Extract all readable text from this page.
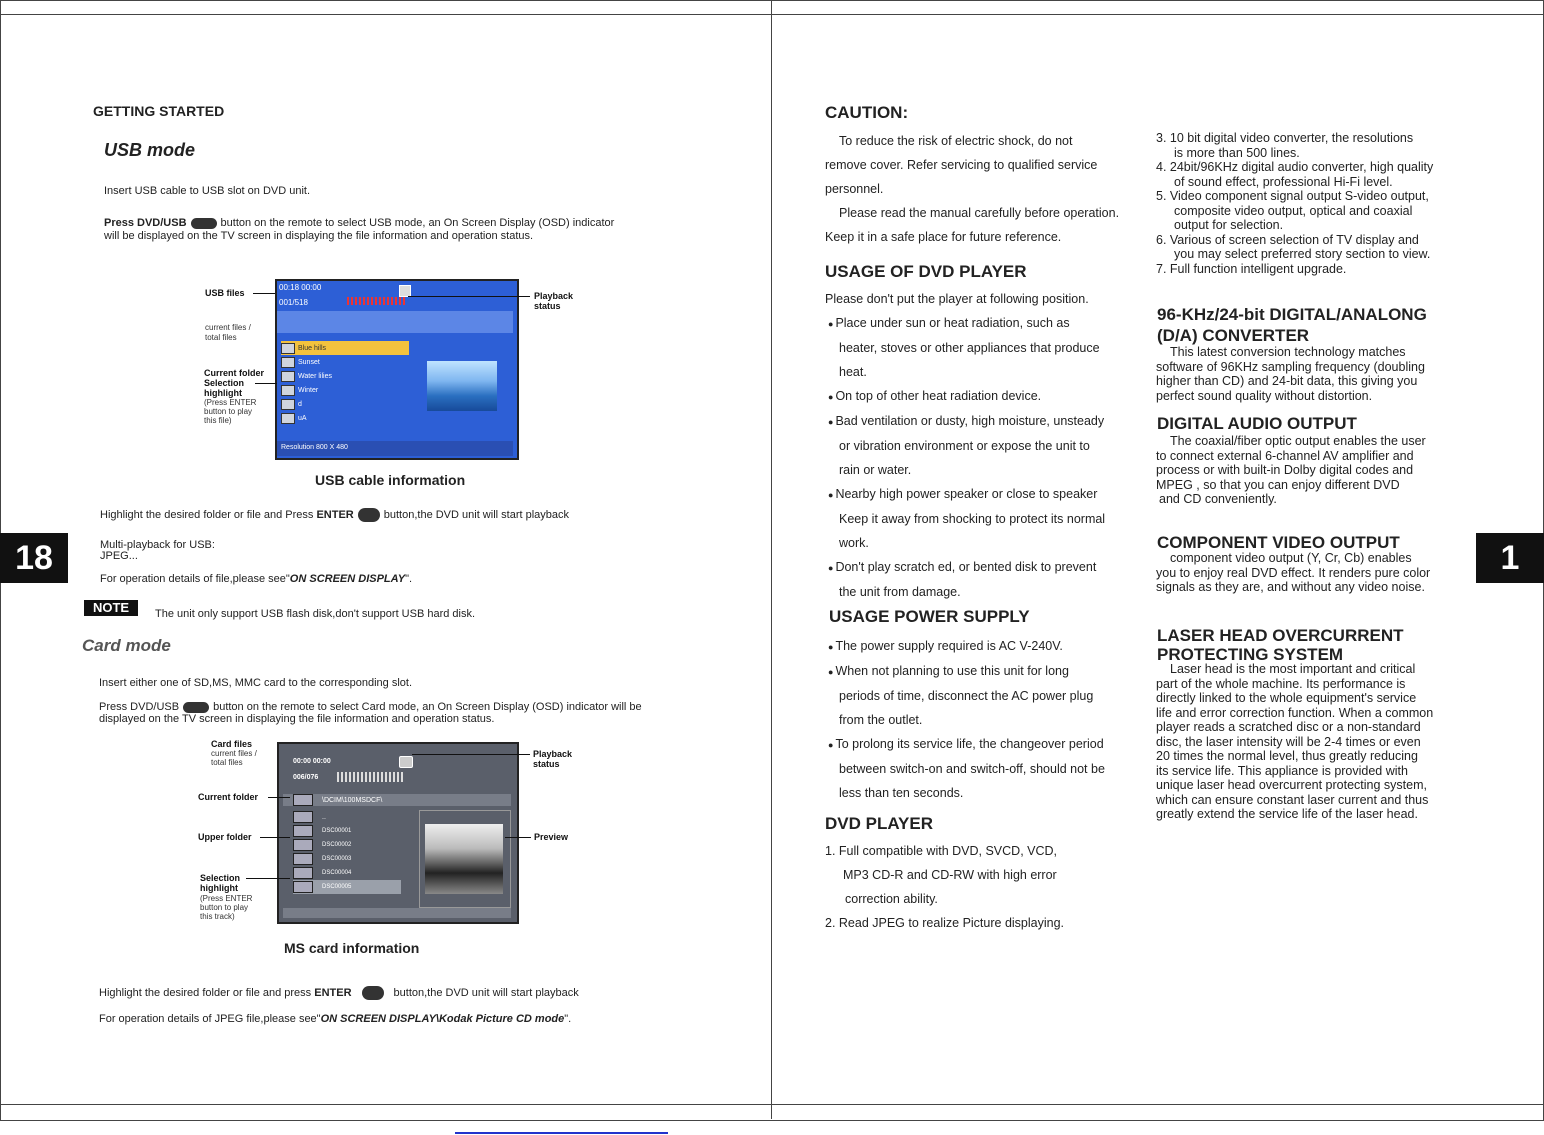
18	1
GETTING STARTED
USB mode
Insert USB cable to USB slot on DVD unit.
Press DVD/USB	button on the remote to select USB mode, an On Screen Display (OSD) indicator
will be displayed on the TV screen in displaying the file information and operation status.
00:18 00:00
001/518
Blue hills
Sunset
Water lilies
Winter
d
uA
Resolution 800 X 480
USB files
current files /
total files
Current folder
Selection
highlight
(Press ENTER
button to play
this file)
Playback
status
USB cable information
Highlight the desired folder or file and Press ENTER	button,the DVD unit will start playback
Multi-playback for USB:
JPEG...
For operation details of file,please see"ON SCREEN DISPLAY".
NOTE	The unit only support USB flash disk,don't support USB hard disk.
Card mode
Insert either one of SD,MS, MMC card to the corresponding slot.
Press DVD/USB	button on the remote to select Card mode, an On Screen Display (OSD) indicator will be
displayed on the TV screen in displaying the file information and operation status.
00:00 00:00
006/076
\DCIM\100MSDCF\
..
DSC00001
DSC00002
DSC00003
DSC00004
DSC00005
Card files
current files /
total files
Current folder
Upper folder
Selection
highlight
(Press ENTER
button to play
this track)
Playback
status
Preview
MS card information
Highlight the desired folder or file and press ENTER	button,the DVD unit will start playback
For operation details of JPEG file,please see"ON SCREEN DISPLAY\Kodak Picture CD mode".
CAUTION:
To reduce the risk of electric shock, do not
remove cover. Refer servicing to qualified service
personnel.
Please read the manual carefully before operation.
Keep it in a safe place for future reference.
USAGE OF DVD PLAYER
Please don't put the player at following position.
● Place under sun or heat radiation, such as
heater, stoves or other appliances that produce
heat.
● On top of other heat radiation device.
● Bad ventilation or dusty, high moisture, unsteady
or vibration environment or expose the unit to
rain or water.
● Nearby high power speaker or close to speaker
Keep it away from shocking to protect its normal
work.
● Don't play scratch ed, or bented disk to prevent
the unit from damage.
USAGE POWER SUPPLY
● The power supply required is AC V-240V.
● When not planning to use this unit for long
periods of time, disconnect the AC power plug
from the outlet.
● To prolong its service life, the changeover period
between switch-on and switch-off, should not be
less than ten seconds.
DVD PLAYER
1. Full compatible with DVD, SVCD, VCD,
MP3 CD-R and CD-RW with high error
correction ability.
2. Read JPEG to realize Picture displaying.
3. 10 bit digital video converter, the resolutions
is more than 500 lines.
4. 24bit/96KHz digital audio converter, high quality
of sound effect, professional Hi-Fi level.
5. Video component signal output S-video output,
composite video output, optical and coaxial
output for selection.
6. Various of screen selection of TV display and
you may select preferred story section to view.
7. Full function intelligent upgrade.
96-KHz/24-bit DIGITAL/ANALONG
(D/A) CONVERTER
This latest conversion technology matches
software of 96KHz sampling frequency (doubling
higher than CD) and 24-bit data, this giving you
perfect sound quality without distortion.
DIGITAL AUDIO OUTPUT
The coaxial/fiber optic output enables the user
to connect external 6-channel AV amplifier and
process or with built-in Dolby digital codes and
MPEG , so that you can enjoy different DVD
and CD conveniently.
COMPONENT VIDEO OUTPUT
component video output (Y, Cr, Cb) enables
you to enjoy real DVD effect. It renders pure color
signals as they are, and without any video noise.
LASER HEAD OVERCURRENT
PROTECTING SYSTEM
Laser head is the most important and critical
part of the whole machine. Its performance is
directly linked to the whole equipment's service
life and error correction function. When a common
player reads a scratched disc or a non-standard
disc, the laser intensity will be 2-4 times or even
20 times the normal level, thus greatly reducing
its service life. This appliance is provided with
unique laser head overcurrent protecting system,
which can ensure constant laser current and thus
greatly extend the service life of the laser head.
